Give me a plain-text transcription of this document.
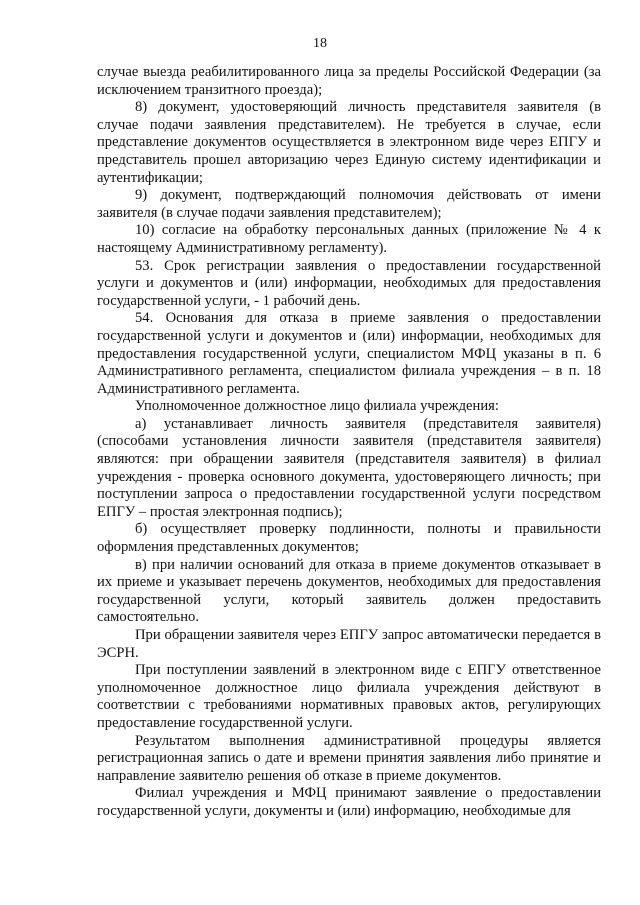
18

случае выезда реабилитированного лица за пределы Российской Федерации (за исключением транзитного проезда);

8) документ, удостоверяющий личность представителя заявителя (в случае подачи заявления представителем). Не требуется в случае, если представление документов осуществляется в электронном виде через ЕПГУ и представитель прошел авторизацию через Единую систему идентификации и аутентификации;

9) документ, подтверждающий полномочия действовать от имени заявителя (в случае подачи заявления представителем);

10) согласие на обработку персональных данных (приложение № 4 к настоящему Административному регламенту).

53. Срок регистрации заявления о предоставлении государственной услуги и документов и (или) информации, необходимых для предоставления государственной услуги, - 1 рабочий день.

54. Основания для отказа в приеме заявления о предоставлении государственной услуги и документов и (или) информации, необходимых для предоставления государственной услуги, специалистом МФЦ указаны в п. 6 Административного регламента, специалистом филиала учреждения – в п. 18 Административного регламента.

Уполномоченное должностное лицо филиала учреждения:

а) устанавливает личность заявителя (представителя заявителя) (способами установления личности заявителя (представителя заявителя) являются: при обращении заявителя (представителя заявителя) в филиал учреждения - проверка основного документа, удостоверяющего личность; при поступлении запроса о предоставлении государственной услуги посредством ЕПГУ – простая электронная подпись);

б) осуществляет проверку подлинности, полноты и правильности оформления представленных документов;

в) при наличии оснований для отказа в приеме документов отказывает в их приеме и указывает перечень документов, необходимых для предоставления государственной услуги, который заявитель должен предоставить самостоятельно.

При обращении заявителя через ЕПГУ запрос автоматически передается в ЭСРН.

При поступлении заявлений в электронном виде с ЕПГУ ответственное уполномоченное должностное лицо филиала учреждения действуют в соответствии с требованиями нормативных правовых актов, регулирующих предоставление государственной услуги.

Результатом выполнения административной процедуры является регистрационная запись о дате и времени принятия заявления либо принятие и направление заявителю решения об отказе в приеме документов.

Филиал учреждения и МФЦ принимают заявление о предоставлении государственной услуги, документы и (или) информацию, необходимые для
